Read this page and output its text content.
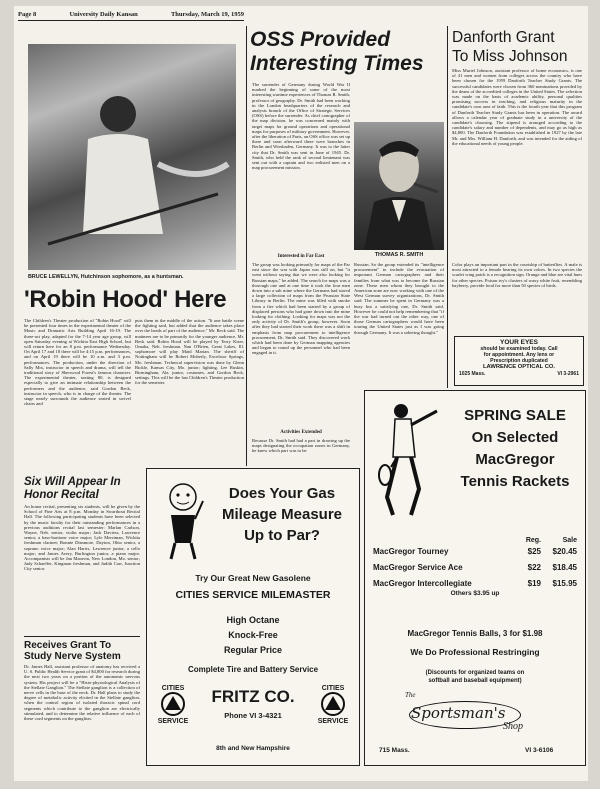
Page 8	University Daily Kansan	Thursday, March 19, 1959
BRUCE LEWELLYN, Hutchinson sophomore, as a huntsman.
'Robin Hood' Here
The Children's Theater production of "Robin Hood" will be presented four times in the experimental theater of the Music and Dramatic Arts Building April 16-19. The three-act play, adapted for the 7-14 year age group, will open Saturday evening at Wichita East High School, but will return here for an 8 p.m. performance Wednesday. On April 17 and 18 there will be 4:15 p.m. performances, and on April 19 there will be 10 a.m. and 3 p.m. performances. The production, under the direction of Sally Mix, instructor in speech and drama, will tell the traditional story of Sherwood Forest's famous character. The experimental theater, seating 80, is designed especially to give an intimate relationship between the performers and the audience, said Gordon Beck, instructor in speech, who is in charge of the theater. The stage nearly surrounds the audience seated in swivel chairs and
puts them in the middle of the action. "It one battle scene the fighting said, but added that the audience takes place over the heads of part of the audience," Mr. Beck said. The matinees are to be primarily for the younger audience, Mr. Beck said. Robin Hood will be played by Terry Kiser, Omaha, Neb. freshman. Nan O'Brien, Great Lakes, Ill. sophomore will play Maid Marian. The sheriff of Nottingham will be Robert Moberly, Excelsior Springs, Mo. freshman. Technical supervision was done by Glenn Bickle, Kansas City, Mo. junior; lighting, Lee Ruskin, Birmingham, Ala. junior, costumes, and Gordon Beck, settings. This will be the last Children's Theater production for the semester.
Six Will Appear In Honor Recital
An honor recital, presenting six students, will be given by the School of Fine Arts at 8 p.m. Monday in Swarthout Recital Hall. The following participating students have been selected by the music faculty for their outstanding performances in a previous auditions recital last semester: Marlan Carlson, Wayne, Neb. senior, violin major; Jack Daviess, Lawrence senior, a bass-baritone voice major; Lyle Merriman, Wichita freshman clarinet; Bonnie Dinsmore, Dayton, Ohio senior, a soprano voice major; Alan Harris, Lawrence junior, a cello major; and James Avery, Burlington junior, a piano major. Accompanists will be Jan Maravin, New London, Mo. senior; Judy Schaeffer, Kingman freshman, and Judith Carr, Junction City senior.
Receives Grant To Study Nerve System
Dr. James Hall, assistant professor of anatomy has received a U. S. Public Health Service grant of $4,800 for research during the next two years on a portion of the autonomic nervous system. His project will be a "Histo-physiological Analysis of the Stellate Ganglion." The Stellate ganglion is a collection of nerve cells in the base of the neck. Dr. Hall plans to study the degree of metabolic activity elicited in the Stellate ganglion, when the control region of isolated thoracic spinal cord segments which contribute to the ganglion are electrically stimulated, and to determine the relative influence of each of these cord segments on the ganglion.
OSS Provided
Interesting Times
The surrender of Germany during World War II marked the beginning of some of the most interesting wartime experiences of Thomas R. Smith, professor of geography. Dr. Smith had been working in the London headquarters of the research and analysis branch of the Office of Strategic Services (OSS) before the surrender. As chief cartographer of the map division, he was concerned mainly with target maps for ground operations and operational maps for purposes of military government. However, after the liberation of Paris, an OSS office was set up there and soon afterward there were branches in Berlin and Wiesbaden, Germany. It was to the latter city that Dr. Smith was sent in June of 1945. Dr. Smith, who held the rank of second lieutenant was sent out with a captain and two enlisted men on a map procurement mission.
THOMAS R. SMITH
Interested in Far East
The group was looking primarily for maps of the Far east since the war with Japan was still on, but "it went without saying that we were also looking for Russian maps," he added. The search for maps was a thorough one and at one time it took the four men down into a salt mine where the Germans had stored a large collection of maps from the Prussian State Library in Berlin. The mine was filled with smoke from a fire which had been started by a group of displaced persons who had gone down into the mine looking for clothing. Looking for maps was not the only activity of Dr. Smith's group, however. Soon after they had started their work there was a shift in emphasis from map procurement to intelligence procurement, Dr. Smith said. They discovered work which had been done by German mapping agencies and began to round up the personnel who had been engaged in it.
Activities Extended
Because Dr. Smith had had a part in drawing up the maps designating the occupation zones in Germany, he knew which part was to be
Russian. So the group extended its "intelligence procurement" to include the evacuation of important German cartographers and their families from what was to become the Russian zone. These men whom they brought to the American zone are now working with one of the West German survey organizations, Dr. Smith said. The summer he spent in Germany was a busy but a satisfying one, Dr. Smith said. However he could not help remembering that "if the war had turned out the other way, one of those German cartographers would have been touring the United States just as I was going through Germany. It was a sobering thought."
Danforth Grant
To Miss Johnson
Miss Muriel Johnson, assistant professor of home economics, is one of 41 men and women from colleges across the country who have been chosen for the 1959 Danforth Teacher Study Grants. The successful candidates were chosen from 360 nominations provided by the deans of the accredited colleges in the United States. The selection was made on the basis of academic ability, personal qualities promising success in teaching, and religious maturity in the candidate's own area of faith. This is the fourth year that this program of Danforth Teacher Study Grants has been in operation. The award allows a calendar year of graduate study in a university of the candidate's choosing. The stipend is arranged according to the candidate's salary and number of dependents, and may go as high as $4,800. The Danforth Foundation was established in 1927 by the late Mr. and Mrs. William H. Danforth, and was intended for the aiding of the educational needs of young people.
Color plays an important part in the courtship of butterflies. A male is most attracted to a female bearing its own colors. In two species the scarlet wing patch is a recognition sign. Orange and blue are vital hues for other species. Poison ivy's clusters of waxy white fruit, resembling bayberry, provide food for more than 50 species of birds.
YOUR EYES
should be examined today. Call
for appointment. Any lens or
Prescription duplicated
LAWRENCE OPTICAL CO.
1025 Mass.	VI 3-2961
Does Your Gas
Mileage Measure
Up to Par?
Try Our Great New Gasolene
CITIES SERVICE MILEMASTER
High Octane
Knock-Free
Regular Price
Complete Tire and Battery Service
CITIES
SERVICE
CITIES
SERVICE
FRITZ CO.
Phone VI 3-4321
8th and New Hampshire
SPRING SALE
On Selected
MacGregor
Tennis Rackets
Reg.	Sale
MacGregor Tourney	$25	$20.45
MacGregor Service Ace	$22	$18.45
MacGregor Intercollegiate	$19	$15.95
Others $3.95 up
MacGregor Tennis Balls, 3 for $1.98
We Do Professional Restringing
(Discounts for organized teams on
softball and baseball equipment)
The
Sportsman's
Shop
715 Mass.	VI 3-6106
